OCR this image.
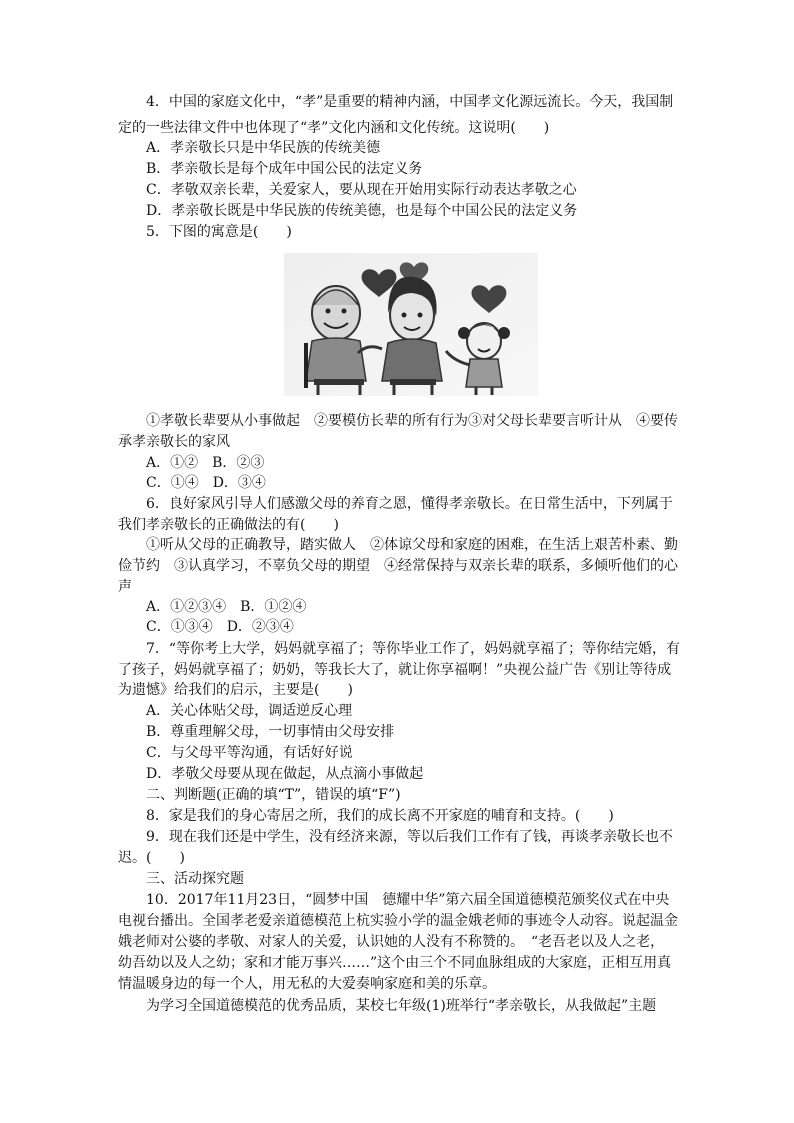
4．中国的家庭文化中，“孝”是重要的精神内涵，中国孝文化源远流长。今天，我国制
定的一些法律文件中也体现了“孝”文化内涵和文化传统。这说明(　　)
A．孝亲敬长只是中华民族的传统美德
B．孝亲敬长是每个成年中国公民的法定义务
C．孝敬双亲长辈，关爱家人，要从现在开始用实际行动表达孝敬之心
D．孝亲敬长既是中华民族的传统美德，也是每个中国公民的法定义务
5．下图的寓意是(　　)
①孝敬长辈要从小事做起　②要模仿长辈的所有行为③对父母长辈要言听计从　④要传
承孝亲敬长的家风
A．①②　B．②③
C．①④　D．③④
6．良好家风引导人们感激父母的养育之恩，懂得孝亲敬长。在日常生活中，下列属于
我们孝亲敬长的正确做法的有(　　)
①听从父母的正确教导，踏实做人　②体谅父母和家庭的困难，在生活上艰苦朴素、勤
俭节约　③认真学习，不辜负父母的期望　④经常保持与双亲长辈的联系，多倾听他们的心
声
A．①②③④　B．①②④
C．①③④　D．②③④
7．“等你考上大学，妈妈就享福了；等你毕业工作了，妈妈就享福了；等你结完婚，有
了孩子，妈妈就享福了；奶奶，等我长大了，就让你享福啊！”央视公益广告《别让等待成
为遗憾》给我们的启示，主要是(　　)
A．关心体贴父母，调适逆反心理
B．尊重理解父母，一切事情由父母安排
C．与父母平等沟通，有话好好说
D．孝敬父母要从现在做起，从点滴小事做起
二、判断题(正确的填“T”，错误的填“F”)
8．家是我们的身心寄居之所，我们的成长离不开家庭的哺育和支持。(　　)
9．现在我们还是中学生，没有经济来源，等以后我们工作有了钱，再谈孝亲敬长也不
迟。(　　)
三、活动探究题
10．2017年11月23日，“圆梦中国　德耀中华”第六届全国道德模范颁奖仪式在中央
电视台播出。全国孝老爱亲道德模范上杭实验小学的温金娥老师的事迹令人动容。说起温金
娥老师对公婆的孝敬、对家人的关爱，认识她的人没有不称赞的。　“老吾老以及人之老，
幼吾幼以及人之幼；家和才能万事兴……”这个由三个不同血脉组成的大家庭，正相互用真
情温暖身边的每一个人，用无私的大爱奏响家庭和美的乐章。
为学习全国道德模范的优秀品质，某校七年级(1)班举行“孝亲敬长，从我做起”主题
